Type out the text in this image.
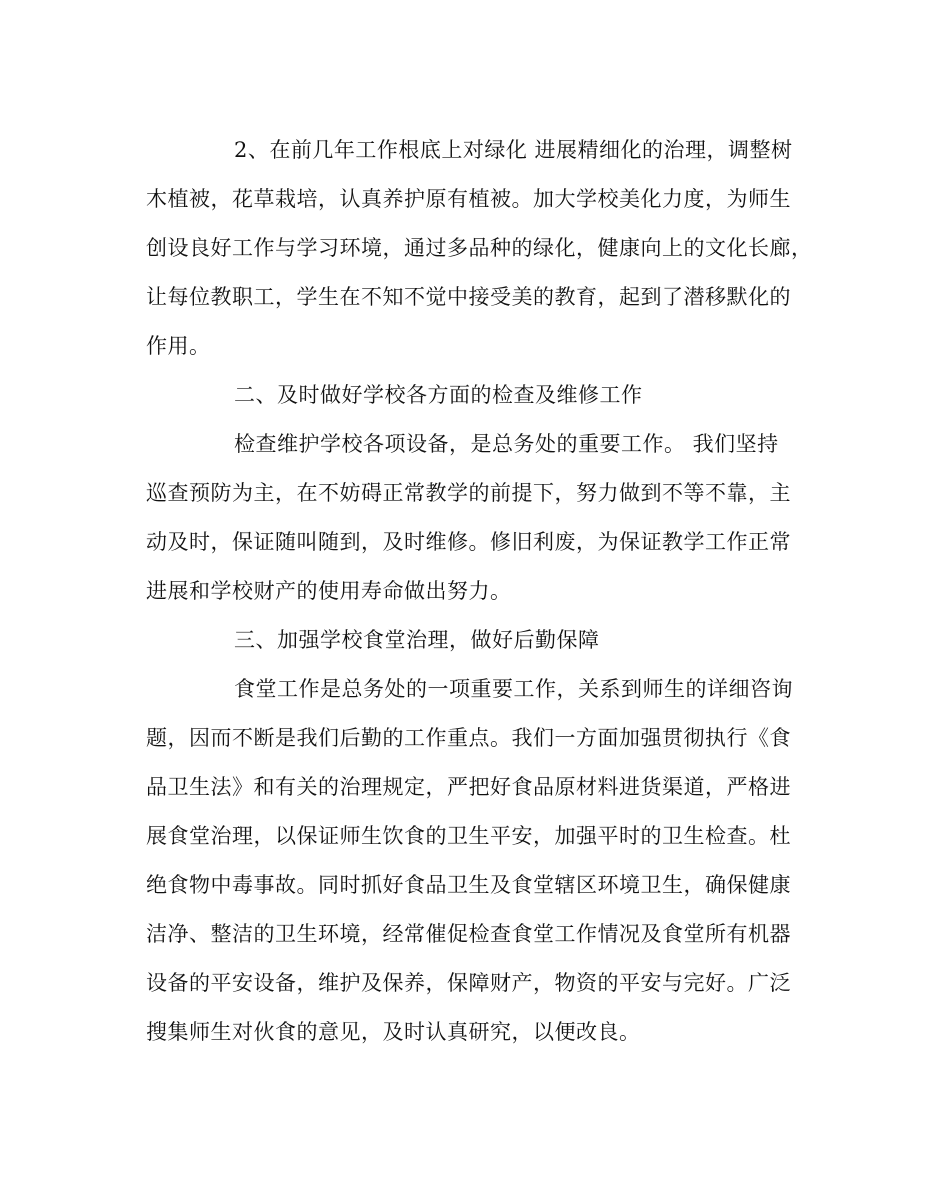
2、在前几年工作根底上对绿化 进展精细化的治理，调整树
木植被，花草栽培，认真养护原有植被。加大学校美化力度，为师生
创设良好工作与学习环境，通过多品种的绿化，健康向上的文化长廊，
让每位教职工，学生在不知不觉中接受美的教育，起到了潜移默化的
作用。
二、及时做好学校各方面的检查及维修工作
检查维护学校各项设备，是总务处的重要工作。 我们坚持
巡查预防为主，在不妨碍正常教学的前提下，努力做到不等不靠，主
动及时，保证随叫随到，及时维修。修旧利废，为保证教学工作正常
进展和学校财产的使用寿命做出努力。
三、加强学校食堂治理，做好后勤保障
食堂工作是总务处的一项重要工作，关系到师生的详细咨询
题，因而不断是我们后勤的工作重点。我们一方面加强贯彻执行《食
品卫生法》和有关的治理规定，严把好食品原材料进货渠道，严格进
展食堂治理，以保证师生饮食的卫生平安，加强平时的卫生检查。杜
绝食物中毒事故。同时抓好食品卫生及食堂辖区环境卫生，确保健康
洁净、整洁的卫生环境，经常催促检查食堂工作情况及食堂所有机器
设备的平安设备，维护及保养，保障财产，物资的平安与完好。广泛
搜集师生对伙食的意见，及时认真研究，以便改良。
